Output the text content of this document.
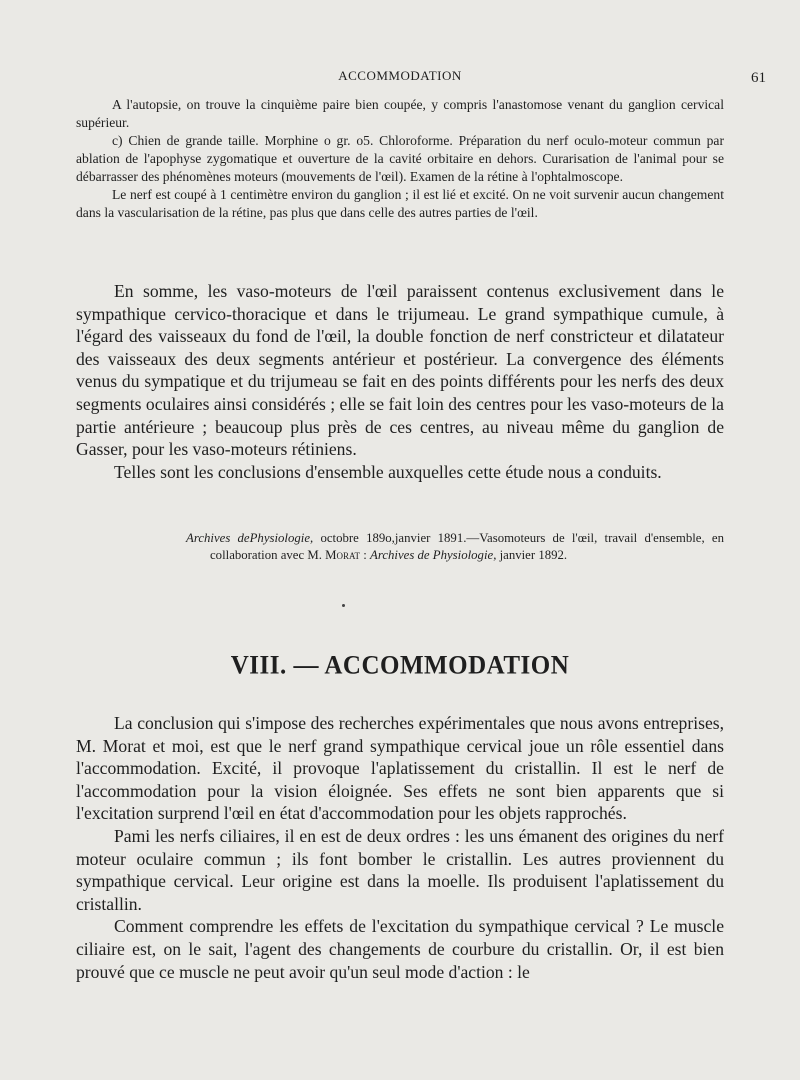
ACCOMMODATION	61

A l'autopsie, on trouve la cinquième paire bien coupée, y compris l'anastomose venant du ganglion cervical supérieur.

c) Chien de grande taille. Morphine o gr. o5. Chloroforme. Préparation du nerf oculo-moteur commun par ablation de l'apophyse zygomatique et ouverture de la cavité orbitaire en dehors. Curarisation de l'animal pour se débarrasser des phénomènes moteurs (mouvements de l'œil). Examen de la rétine à l'ophtalmoscope.

Le nerf est coupé à 1 centimètre environ du ganglion ; il est lié et excité. On ne voit survenir aucun changement dans la vascularisation de la rétine, pas plus que dans celle des autres parties de l'œil.

En somme, les vaso-moteurs de l'œil paraissent contenus exclusivement dans le sympathique cervico-thoracique et dans le trijumeau. Le grand sympathique cumule, à l'égard des vaisseaux du fond de l'œil, la double fonction de nerf constricteur et dilatateur des vaisseaux des deux segments antérieur et postérieur. La convergence des éléments venus du sympatique et du trijumeau se fait en des points différents pour les nerfs des deux segments oculaires ainsi considérés ; elle se fait loin des centres pour les vaso-moteurs de la partie antérieure ; beaucoup plus près de ces centres, au niveau même du ganglion de Gasser, pour les vaso-moteurs rétiniens.

Telles sont les conclusions d'ensemble auxquelles cette étude nous a conduits.

Archives dePhysiologie, octobre 189o,janvier 1891.—Vasomoteurs de l'œil, travail d'ensemble, en collaboration avec M. Morat : Archives de Physiologie, janvier 1892.
VIII. — ACCOMMODATION

La conclusion qui s'impose des recherches expérimentales que nous avons entreprises, M. Morat et moi, est que le nerf grand sympathique cervical joue un rôle essentiel dans l'accommodation. Excité, il provoque l'aplatissement du cristallin. Il est le nerf de l'accommodation pour la vision éloignée. Ses effets ne sont bien apparents que si l'excitation surprend l'œil en état d'accommodation pour les objets rapprochés.

Pami les nerfs ciliaires, il en est de deux ordres : les uns émanent des origines du nerf moteur oculaire commun ; ils font bomber le cristallin. Les autres proviennent du sympathique cervical. Leur origine est dans la moelle. Ils produisent l'aplatissement du cristallin.

Comment comprendre les effets de l'excitation du sympathique cervical ? Le muscle ciliaire est, on le sait, l'agent des changements de courbure du cristallin. Or, il est bien prouvé que ce muscle ne peut avoir qu'un seul mode d'action : le
